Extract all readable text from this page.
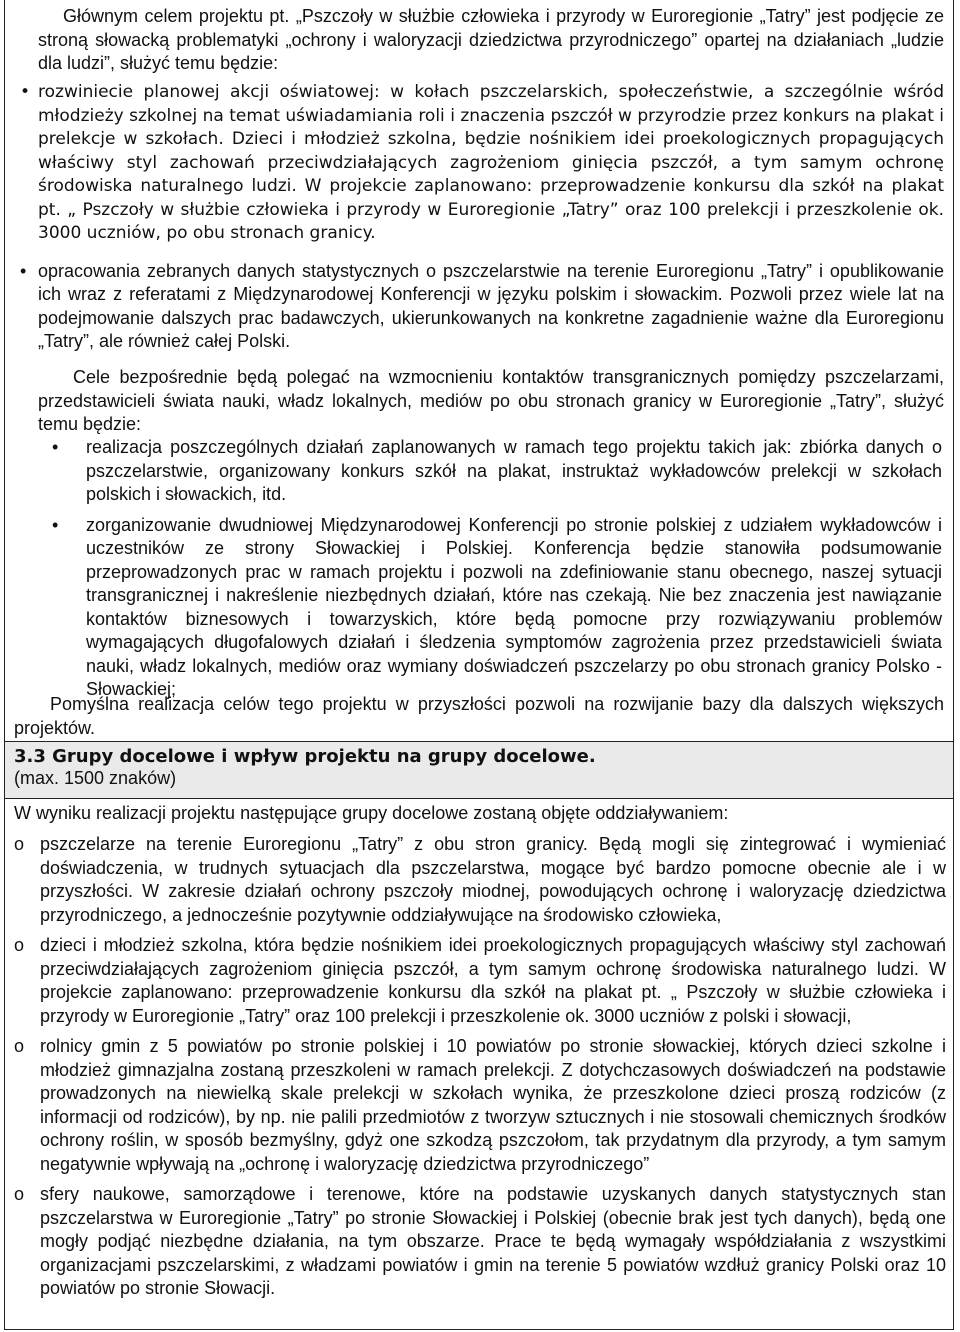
Głównym celem projektu pt. „Pszczoły w służbie człowieka i przyrody w Euroregionie „Tatry” jest podjęcie ze stroną słowacką problematyki „ochrony i waloryzacji dziedzictwa przyrodniczego” opartej na działaniach „ludzie dla ludzi”, służyć temu będzie:

• rozwiniecie planowej akcji oświatowej: w kołach pszczelarskich, społeczeństwie, a szczególnie wśród młodzieży szkolnej na temat uświadamiania roli i znaczenia pszczół w przyrodzie przez konkurs na plakat i prelekcje w szkołach. Dzieci i młodzież szkolna, będzie nośnikiem idei proekologicznych propagujących właściwy styl zachowań przeciwdziałających zagrożeniom ginięcia pszczół, a tym samym ochronę środowiska naturalnego ludzi. W projekcie zaplanowano: przeprowadzenie konkursu dla szkół na plakat pt. „ Pszczoły w służbie człowieka i przyrody w Euroregionie „Tatry” oraz 100 prelekcji i przeszkolenie ok. 3000 uczniów, po obu stronach granicy.
• opracowania zebranych danych statystycznych o pszczelarstwie na terenie Euroregionu „Tatry” i opublikowanie ich wraz z referatami z Międzynarodowej Konferencji w języku polskim i słowackim. Pozwoli przez wiele lat na podejmowanie dalszych prac badawczych, ukierunkowanych na konkretne zagadnienie ważne dla Euroregionu „Tatry”, ale również całej Polski.

Cele bezpośrednie będą polegać na wzmocnieniu kontaktów transgranicznych pomiędzy pszczelarzami, przedstawicieli świata nauki, władz lokalnych, mediów po obu stronach granicy w Euroregionie „Tatry”, służyć temu będzie:

• realizacja poszczególnych działań zaplanowanych w ramach tego projektu takich jak: zbiórka danych o pszczelarstwie, organizowany konkurs szkół na plakat, instruktaż wykładowców prelekcji w szkołach polskich i słowackich, itd.
• zorganizowanie dwudniowej Międzynarodowej Konferencji po stronie polskiej z udziałem wykładowców i uczestników ze strony Słowackiej i Polskiej. Konferencja będzie stanowiła podsumowanie przeprowadzonych prac w ramach projektu i pozwoli na zdefiniowanie stanu obecnego, naszej sytuacji transgranicznej i nakreślenie niezbędnych działań, które nas czekają. Nie bez znaczenia jest nawiązanie kontaktów biznesowych i towarzyskich, które będą pomocne przy rozwiązywaniu problemów wymagających długofalowych działań i śledzenia symptomów zagrożenia przez przedstawicieli świata nauki, władz lokalnych, mediów oraz wymiany doświadczeń pszczelarzy po obu stronach granicy Polsko - Słowackiej;

Pomyślna realizacja celów tego projektu w przyszłości pozwoli na rozwijanie bazy dla dalszych większych projektów.

3.3 Grupy docelowe i wpływ projektu na grupy docelowe.
(max. 1500 znaków)

W wyniku realizacji projektu następujące grupy docelowe zostaną objęte oddziaływaniem:

o pszczelarze na terenie Euroregionu „Tatry” z obu stron granicy. Będą mogli się zintegrować i wymieniać doświadczenia, w trudnych sytuacjach dla pszczelarstwa, mogące być bardzo pomocne obecnie ale i w przyszłości. W zakresie działań ochrony pszczoły miodnej, powodujących ochronę i waloryzację dziedzictwa przyrodniczego, a jednocześnie pozytywnie oddziaływujące na środowisko człowieka,
o dzieci i młodzież szkolna, która będzie nośnikiem idei proekologicznych propagujących właściwy styl zachowań przeciwdziałających zagrożeniom ginięcia pszczół, a tym samym ochronę środowiska naturalnego ludzi. W projekcie zaplanowano: przeprowadzenie konkursu dla szkół na plakat pt. „ Pszczoły w służbie człowieka i przyrody w Euroregionie „Tatry” oraz 100 prelekcji i przeszkolenie ok. 3000 uczniów z polski i słowacji,
o rolnicy gmin z 5 powiatów po stronie polskiej i 10 powiatów po stronie słowackiej, których dzieci szkolne i młodzież gimnazjalna zostaną przeszkoleni w ramach prelekcji. Z dotychczasowych doświadczeń na podstawie prowadzonych na niewielką skale prelekcji w szkołach wynika, że przeszkolone dzieci proszą rodziców (z informacji od rodziców), by np. nie palili przedmiotów z tworzyw sztucznych i nie stosowali chemicznych środków ochrony roślin, w sposób bezmyślny, gdyż one szkodzą pszczołom, tak przydatnym dla przyrody, a tym samym negatywnie wpływają na „ochronę i waloryzację dziedzictwa przyrodniczego”
o sfery naukowe, samorządowe i terenowe, które na podstawie uzyskanych danych statystycznych stan pszczelarstwa w Euroregionie „Tatry” po stronie Słowackiej i Polskiej (obecnie brak jest tych danych), będą one mogły podjąć niezbędne działania, na tym obszarze. Prace te będą wymagały współdziałania z wszystkimi organizacjami pszczelarskimi, z władzami powiatów i gmin na terenie 5 powiatów wzdłuż granicy Polski oraz 10 powiatów po stronie Słowacji.
